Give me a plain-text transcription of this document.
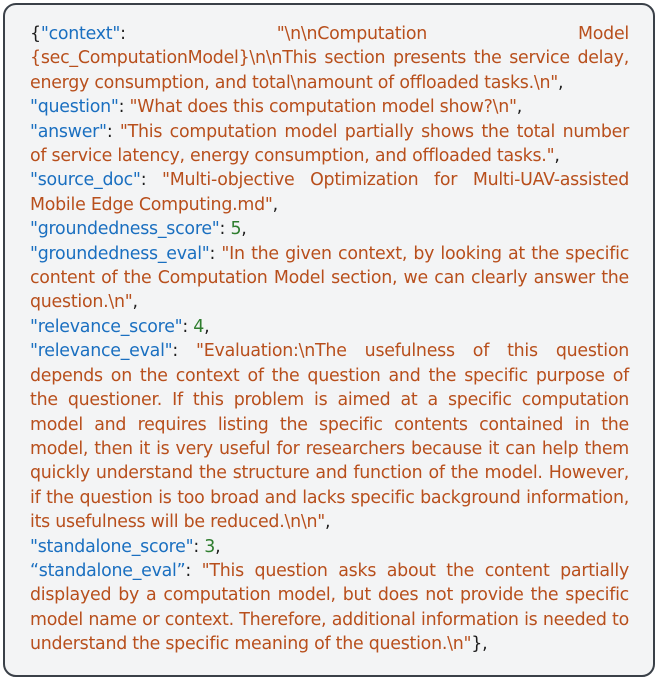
{"context":	"\n\nComputation Model {sec_ComputationModel}\n\nThis section presents the service delay, energy consumption, and total\namount of offloaded tasks.\n",
"question": "What does this computation model show?\n",
"answer": "This computation model partially shows the total number of service latency, energy consumption, and offloaded tasks.",
"source_doc": "Multi-objective Optimization for Multi-UAV-assisted Mobile Edge Computing.md",
"groundedness_score": 5,
"groundedness_eval": "In the given context, by looking at the specific content of the Computation Model section, we can clearly answer the question.\n",
"relevance_score": 4,
"relevance_eval": "Evaluation:\nThe usefulness of this question depends on the context of the question and the specific purpose of the questioner. If this problem is aimed at a specific computation model and requires listing the specific contents contained in the model, then it is very useful for researchers because it can help them quickly understand the structure and function of the model. However, if the question is too broad and lacks specific background information, its usefulness will be reduced.\n\n",
"standalone_score": 3,
“standalone_eval”: "This question asks about the content partially displayed by a computation model, but does not provide the specific model name or context. Therefore, additional information is needed to understand the specific meaning of the question.\n"},
